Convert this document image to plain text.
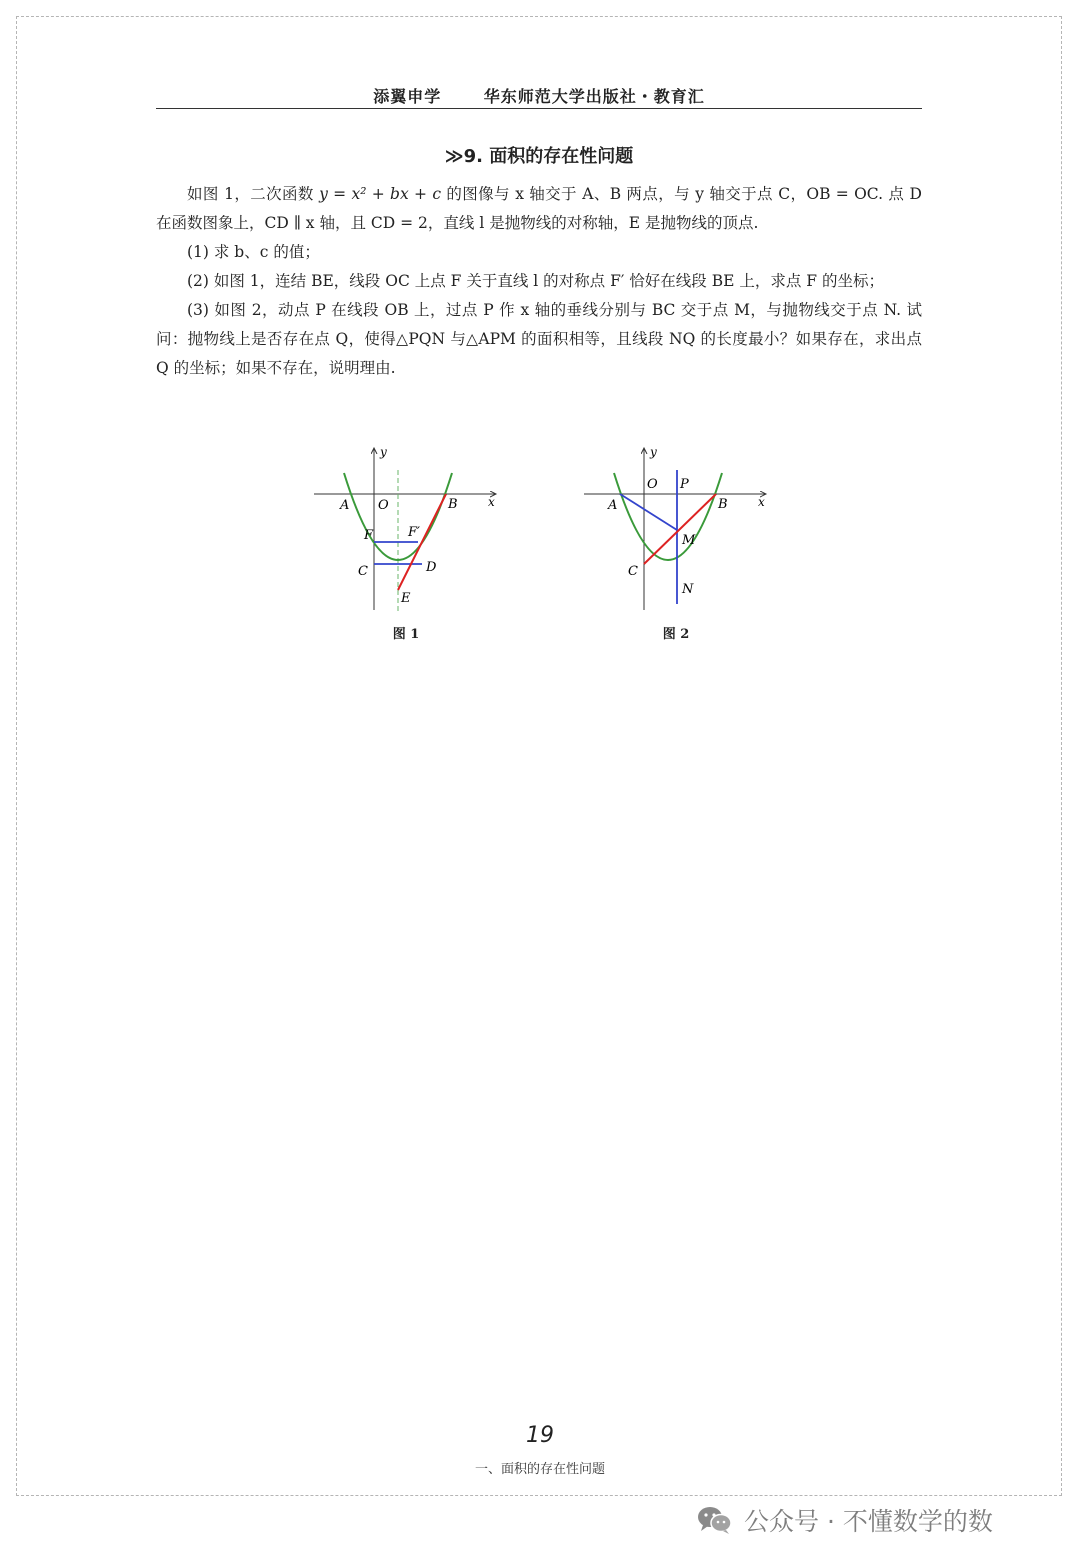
添翼申学	华东师范大学出版社・教育汇
≫9. 面积的存在性问题

如图 1，二次函数 y = x² + bx + c 的图像与 x 轴交于 A、B 两点，与 y 轴交于点 C，OB = OC. 点 D 在函数图象上，CD ∥ x 轴，且 CD = 2，直线 l 是抛物线的对称轴，E 是抛物线的顶点.

(1) 求 b、c 的值；

(2) 如图 1，连结 BE，线段 OC 上点 F 关于直线 l 的对称点 F′ 恰好在线段 BE 上，求点 F 的坐标；

(3) 如图 2，动点 P 在线段 OB 上，过点 P 作 x 轴的垂线分别与 BC 交于点 M，与抛物线交于点 N. 试问：抛物线上是否存在点 Q，使得△PQN 与△APM 的面积相等，且线段 NQ 的长度最小？如果存在，求出点 Q 的坐标；如果不存在，说明理由.

y
x
A O	B
F	F′
C	D
E
图 1
y
x
O P
A	B
M
C
N
图 2
19
一、面积的存在性问题
公众号 · 不懂数学的数
